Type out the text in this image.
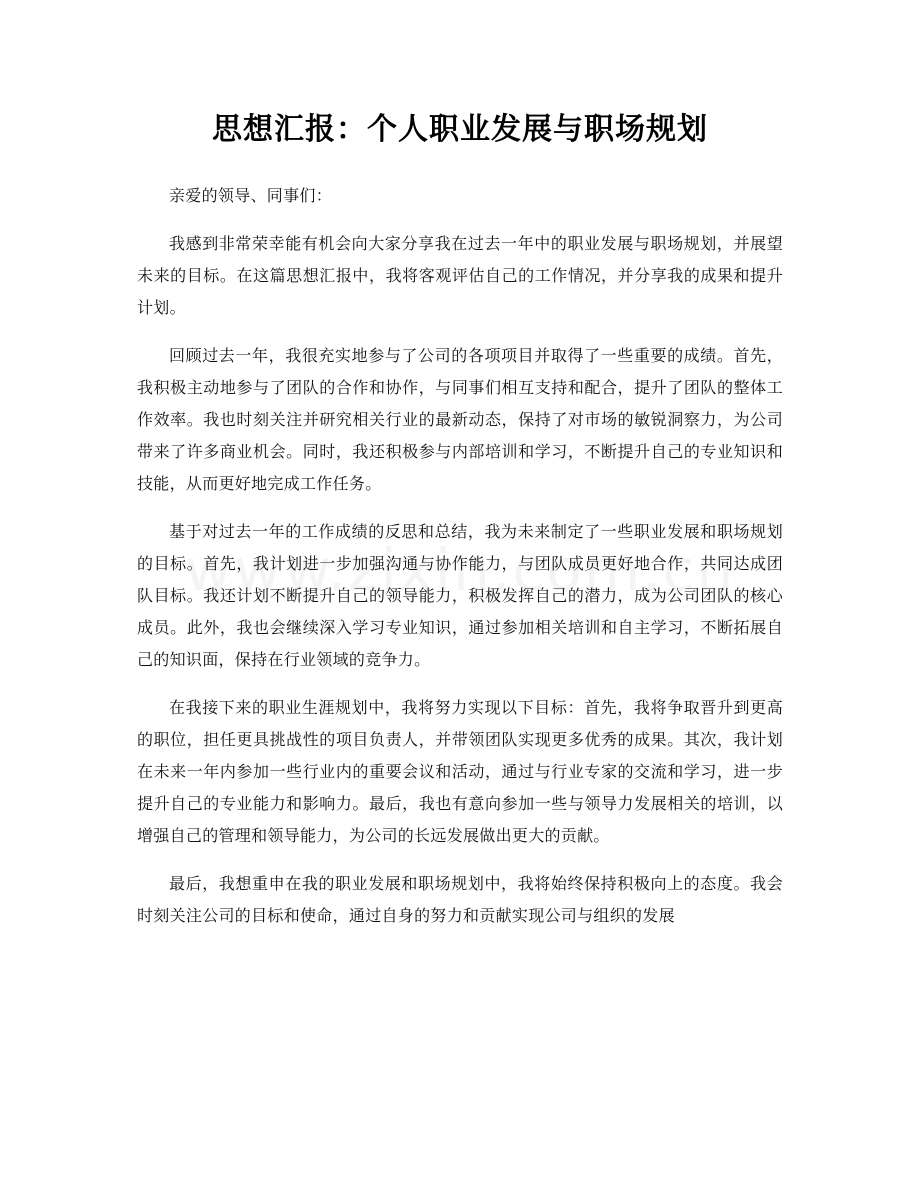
思想汇报：个人职业发展与职场规划

亲爱的领导、同事们：

我感到非常荣幸能有机会向大家分享我在过去一年中的职业发展与职场规划，并展望未来的目标。在这篇思想汇报中，我将客观评估自己的工作情况，并分享我的成果和提升计划。

回顾过去一年，我很充实地参与了公司的各项项目并取得了一些重要的成绩。首先，我积极主动地参与了团队的合作和协作，与同事们相互支持和配合，提升了团队的整体工作效率。我也时刻关注并研究相关行业的最新动态，保持了对市场的敏锐洞察力，为公司带来了许多商业机会。同时，我还积极参与内部培训和学习，不断提升自己的专业知识和技能，从而更好地完成工作任务。

基于对过去一年的工作成绩的反思和总结，我为未来制定了一些职业发展和职场规划的目标。首先，我计划进一步加强沟通与协作能力，与团队成员更好地合作，共同达成团队目标。我还计划不断提升自己的领导能力，积极发挥自己的潜力，成为公司团队的核心成员。此外，我也会继续深入学习专业知识，通过参加相关培训和自主学习，不断拓展自己的知识面，保持在行业领域的竞争力。

在我接下来的职业生涯规划中，我将努力实现以下目标：首先，我将争取晋升到更高的职位，担任更具挑战性的项目负责人，并带领团队实现更多优秀的成果。其次，我计划在未来一年内参加一些行业内的重要会议和活动，通过与行业专家的交流和学习，进一步提升自己的专业能力和影响力。最后，我也有意向参加一些与领导力发展相关的培训，以增强自己的管理和领导能力，为公司的长远发展做出更大的贡献。

最后，我想重申在我的职业发展和职场规划中，我将始终保持积极向上的态度。我会时刻关注公司的目标和使命，通过自身的努力和贡献实现公司与组织的发展
